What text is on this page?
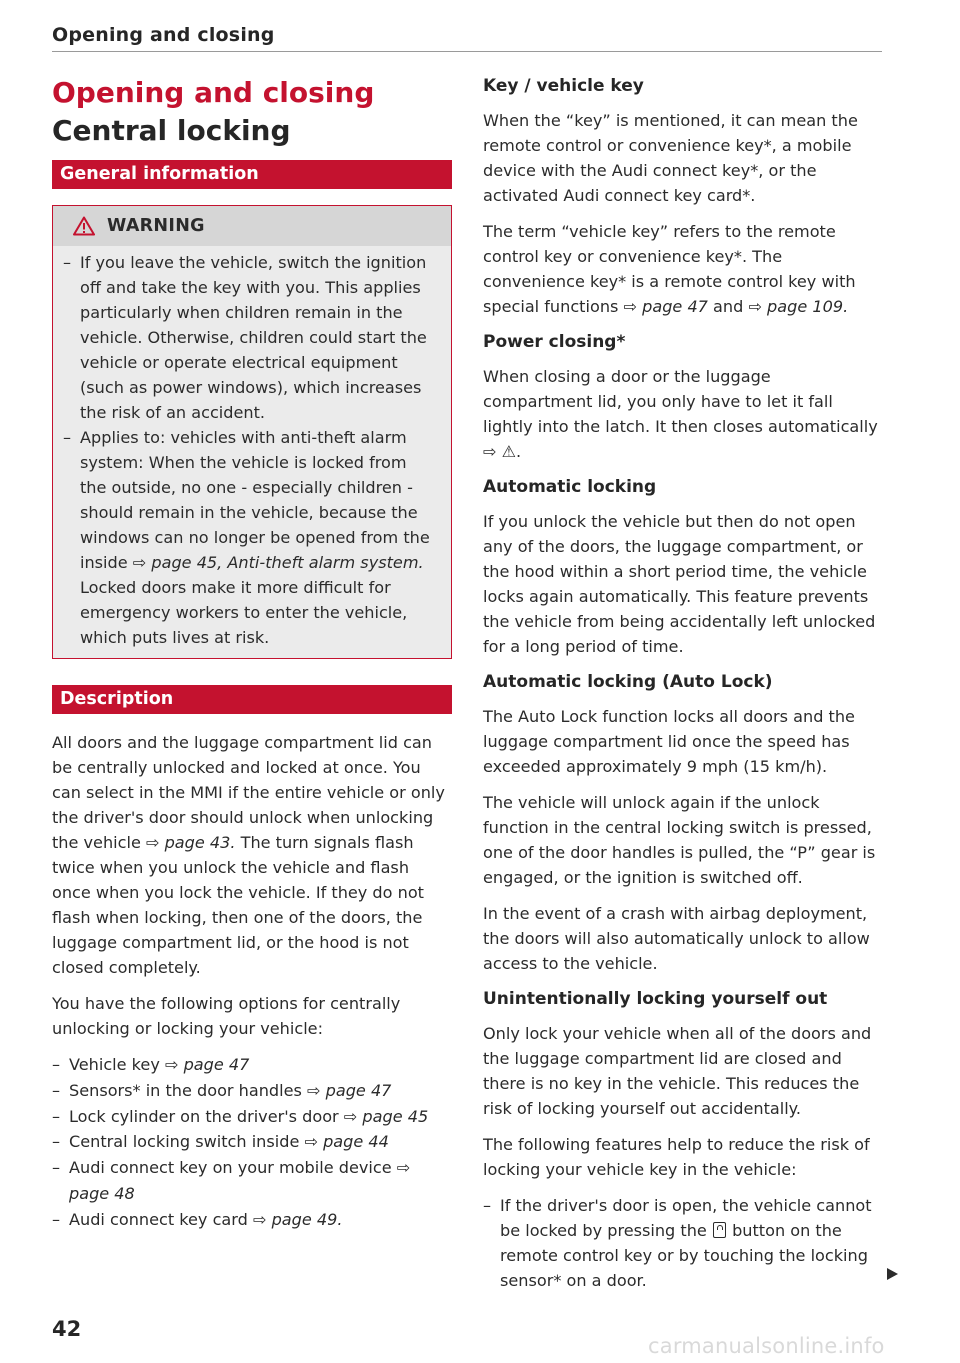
Opening and closing
Opening and closing
Central locking
General information
WARNING
– If you leave the vehicle, switch the ignition off and take the key with you. This applies particularly when children remain in the vehicle. Otherwise, children could start the vehicle or operate electrical equipment (such as power windows), which increases the risk of an accident.
– Applies to: vehicles with anti-theft alarm system: When the vehicle is locked from the outside, no one - especially children - should remain in the vehicle, because the windows can no longer be opened from the inside ⇨ page 45, Anti-theft alarm system. Locked doors make it more difficult for emergency workers to enter the vehicle, which puts lives at risk.
Description

All doors and the luggage compartment lid can be centrally unlocked and locked at once. You can select in the MMI if the entire vehicle or only the driver's door should unlock when unlocking the vehicle ⇨ page 43. The turn signals flash twice when you unlock the vehicle and flash once when you lock the vehicle. If they do not flash when locking, then one of the doors, the luggage compartment lid, or the hood is not closed completely.

You have the following options for centrally unlocking or locking your vehicle:

– Vehicle key ⇨ page 47
– Sensors* in the door handles ⇨ page 47
– Lock cylinder on the driver's door ⇨ page 45
– Central locking switch inside ⇨ page 44
– Audi connect key on your mobile device ⇨ page 48
– Audi connect key card ⇨ page 49.
Key / vehicle key

When the “key” is mentioned, it can mean the remote control or convenience key*, a mobile device with the Audi connect key*, or the activated Audi connect key card*.

The term “vehicle key” refers to the remote control key or convenience key*. The convenience key* is a remote control key with special functions ⇨ page 47 and ⇨ page 109.

Power closing*

When closing a door or the luggage compartment lid, you only have to let it fall lightly into the latch. It then closes automatically ⇨ ⚠.

Automatic locking

If you unlock the vehicle but then do not open any of the doors, the luggage compartment, or the hood within a short period time, the vehicle locks again automatically. This feature prevents the vehicle from being accidentally left unlocked for a long period of time.

Automatic locking (Auto Lock)

The Auto Lock function locks all doors and the luggage compartment lid once the speed has exceeded approximately 9 mph (15 km/h).

The vehicle will unlock again if the unlock function in the central locking switch is pressed, one of the door handles is pulled, the “P” gear is engaged, or the ignition is switched off.

In the event of a crash with airbag deployment, the doors will also automatically unlock to allow access to the vehicle.

Unintentionally locking yourself out

Only lock your vehicle when all of the doors and the luggage compartment lid are closed and there is no key in the vehicle. This reduces the risk of locking yourself out accidentally.

The following features help to reduce the risk of locking your vehicle key in the vehicle:

– If the driver's door is open, the vehicle cannot be locked by pressing the button on the remote control key or by touching the locking sensor* on a door.
42
carmanualsonline.info
